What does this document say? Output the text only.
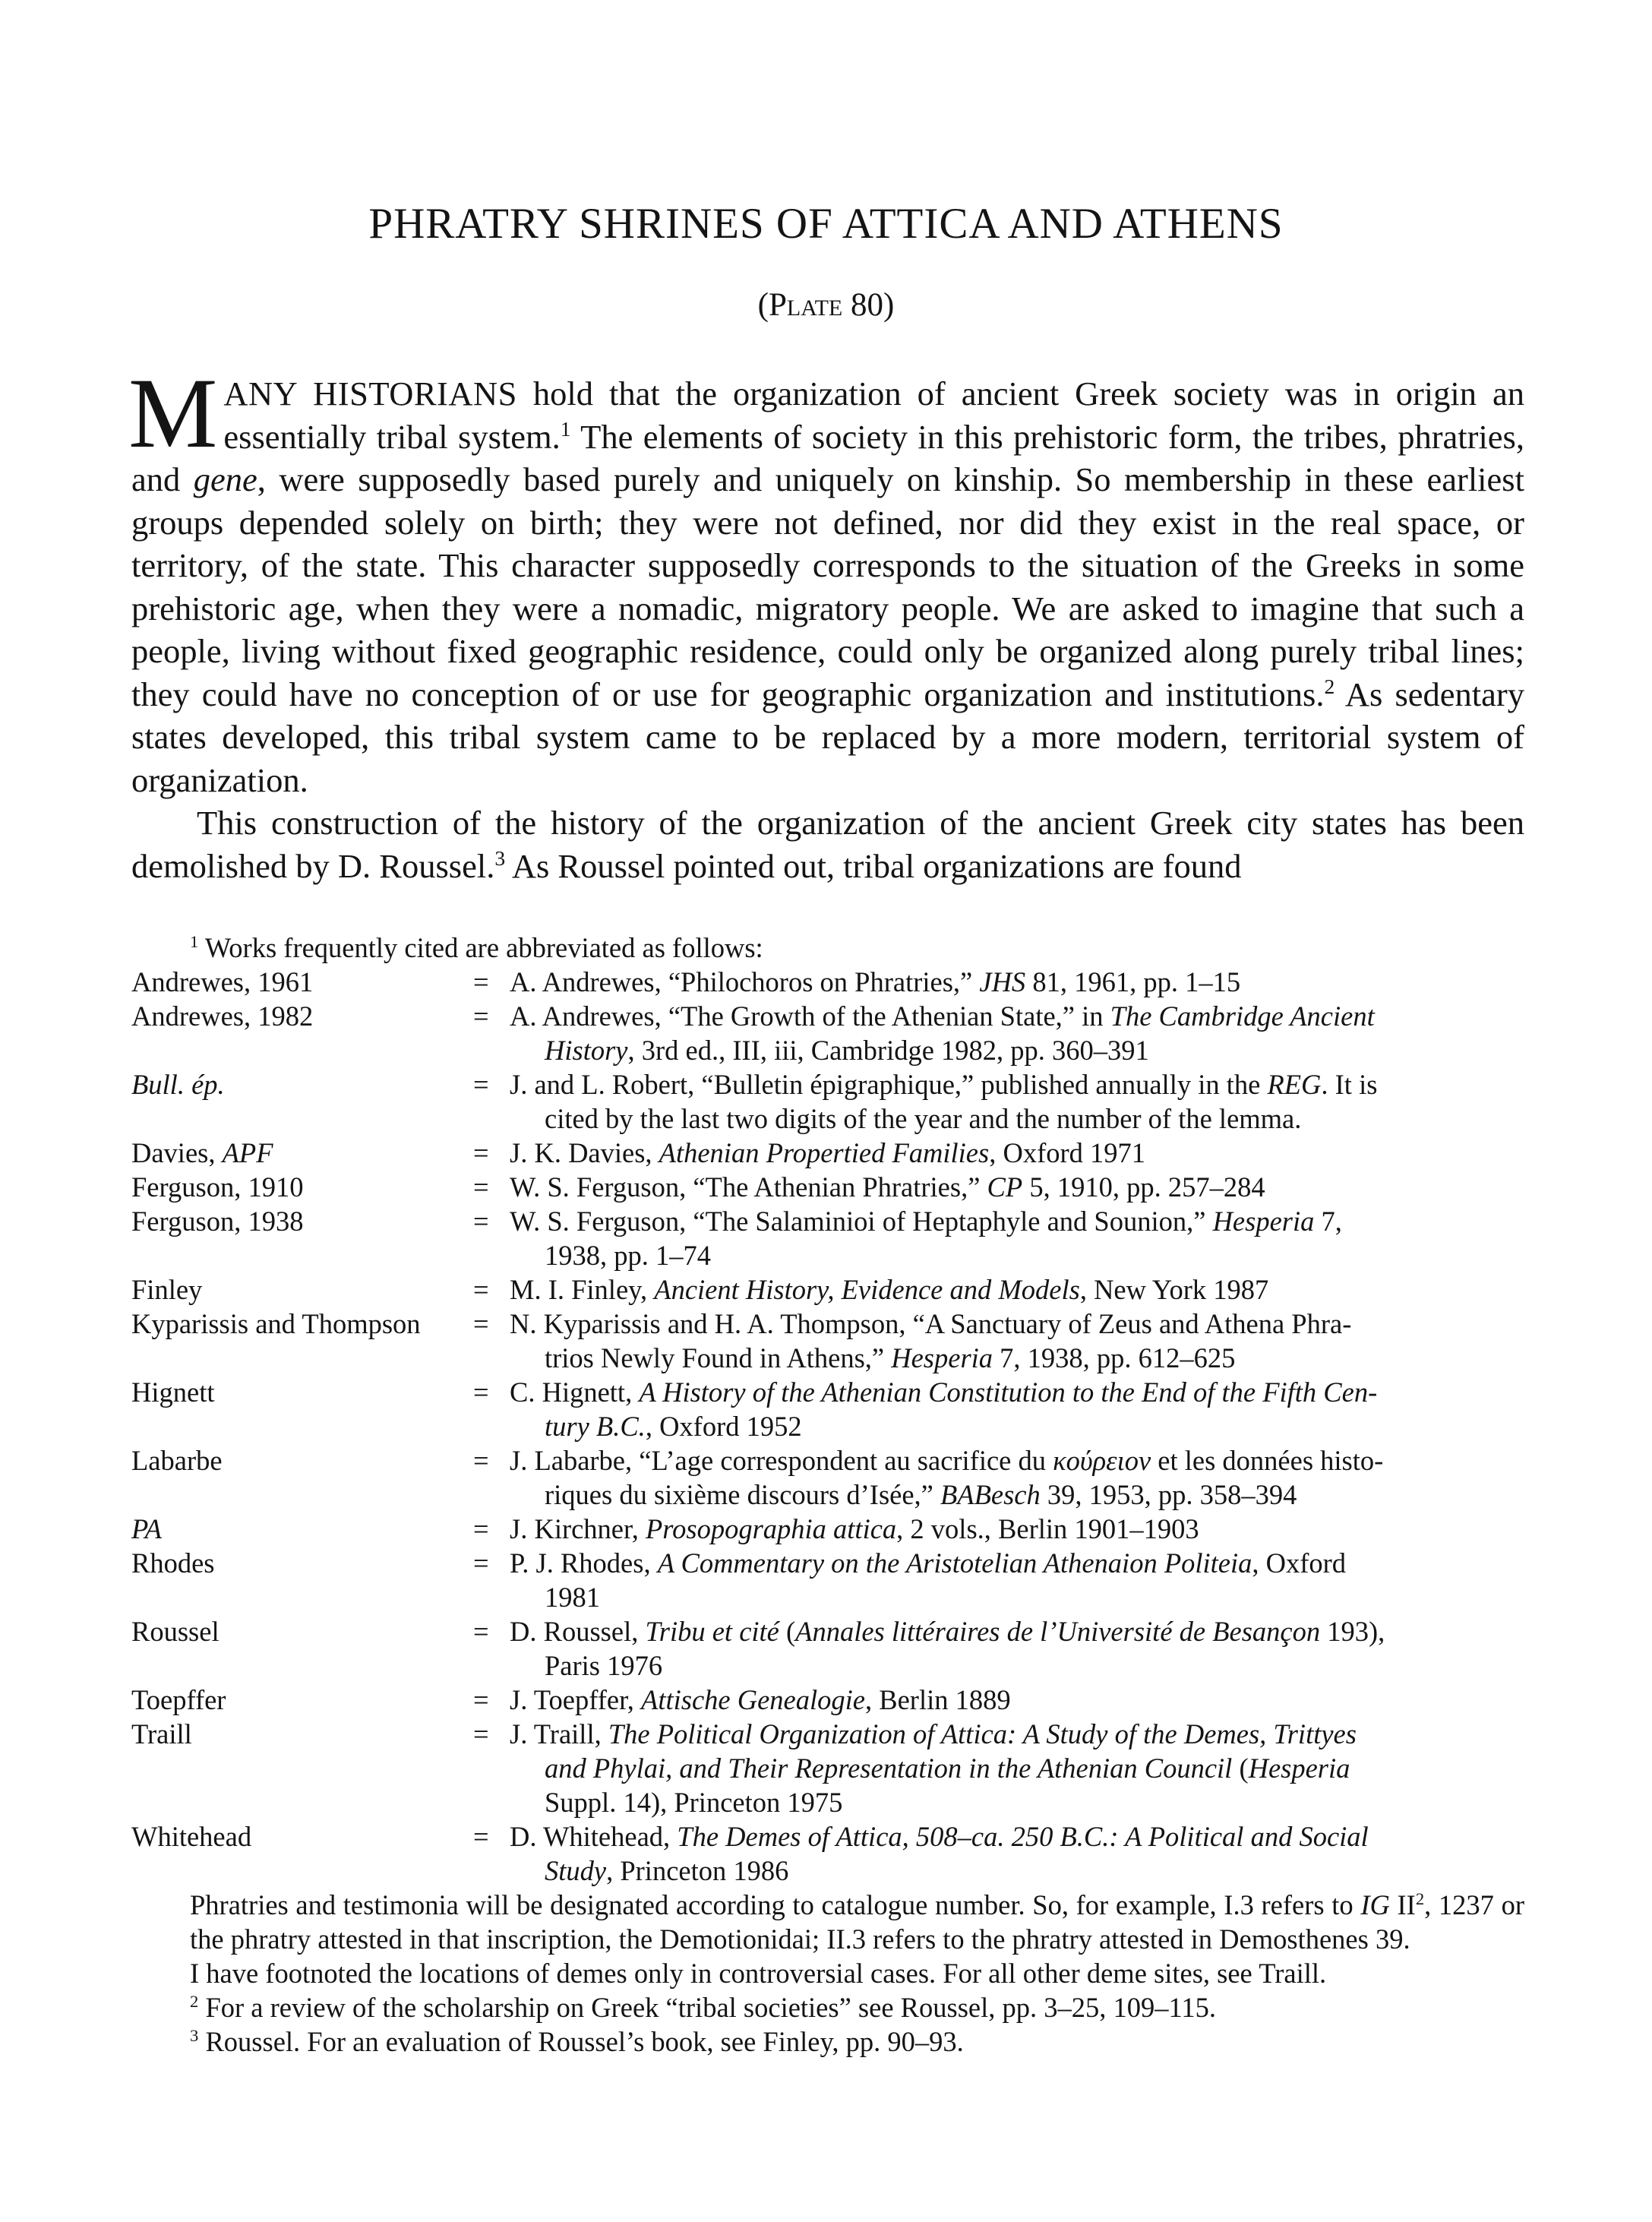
PHRATRY SHRINES OF ATTICA AND ATHENS
(Plate 80)

MANY HISTORIANS hold that the organization of ancient Greek society was in origin an essentially tribal system.$^1$ The elements of society in this prehistoric form, the tribes, phratries, and gene, were supposedly based purely and uniquely on kinship. So membership in these earliest groups depended solely on birth; they were not defined, nor did they exist in the real space, or territory, of the state. This character supposedly corresponds to the situation of the Greeks in some prehistoric age, when they were a nomadic, migratory people. We are asked to imagine that such a people, living without fixed geographic residence, could only be organized along purely tribal lines; they could have no conception of or use for geographic organization and institutions.$^2$ As sedentary states developed, this tribal system came to be replaced by a more modern, territorial system of organization.

This construction of the history of the organization of the ancient Greek city states has been demolished by D. Roussel.$^3$ As Roussel pointed out, tribal organizations are found

$^1$ Works frequently cited are abbreviated as follows:

Andrewes, 1961	= A. Andrewes, “Philochoros on Phratries,” JHS 81, 1961, pp. 1–15
Andrewes, 1982	= A. Andrewes, “The Growth of the Athenian State,” in The Cambridge Ancient
History, 3rd ed., III, iii, Cambridge 1982, pp. 360–391
Bull. ép.	= J. and L. Robert, “Bulletin épigraphique,” published annually in the REG. It is
cited by the last two digits of the year and the number of the lemma.
Davies, APF	= J. K. Davies, Athenian Propertied Families, Oxford 1971
Ferguson, 1910	= W. S. Ferguson, “The Athenian Phratries,” CP 5, 1910, pp. 257–284
Ferguson, 1938	= W. S. Ferguson, “The Salaminioi of Heptaphyle and Sounion,” Hesperia 7,
1938, pp. 1–74
Finley	= M. I. Finley, Ancient History, Evidence and Models, New York 1987
Kyparissis and Thompson	= N. Kyparissis and H. A. Thompson, “A Sanctuary of Zeus and Athena Phra-
trios Newly Found in Athens,” Hesperia 7, 1938, pp. 612–625
Hignett	= C. Hignett, A History of the Athenian Constitution to the End of the Fifth Cen-
tury B.C., Oxford 1952
Labarbe	= J. Labarbe, “L’age correspondent au sacrifice du κούρειον et les données histo-
riques du sixième discours d’Isée,” BABesch 39, 1953, pp. 358–394
PA	= J. Kirchner, Prosopographia attica, 2 vols., Berlin 1901–1903
Rhodes	= P. J. Rhodes, A Commentary on the Aristotelian Athenaion Politeia, Oxford
1981
Roussel	= D. Roussel, Tribu et cité (Annales littéraires de l’Université de Besançon 193),
Paris 1976
Toepffer	= J. Toepffer, Attische Genealogie, Berlin 1889
Traill	= J. Traill, The Political Organization of Attica: A Study of the Demes, Trittyes
and Phylai, and Their Representation in the Athenian Council (Hesperia
Suppl. 14), Princeton 1975
Whitehead	= D. Whitehead, The Demes of Attica, 508–ca. 250 B.C.: A Political and Social
Study, Princeton 1986

Phratries and testimonia will be designated according to catalogue number. So, for example, I.3 refers to IG $II^2$, 1237 or the phratry attested in that inscription, the Demotionidai; II.3 refers to the phratry attested in Demosthenes 39.

I have footnoted the locations of demes only in controversial cases. For all other deme sites, see Traill.

$^2$ For a review of the scholarship on Greek “tribal societies” see Roussel, pp. 3–25, 109–115.

$^3$ Roussel. For an evaluation of Roussel’s book, see Finley, pp. 90–93.
